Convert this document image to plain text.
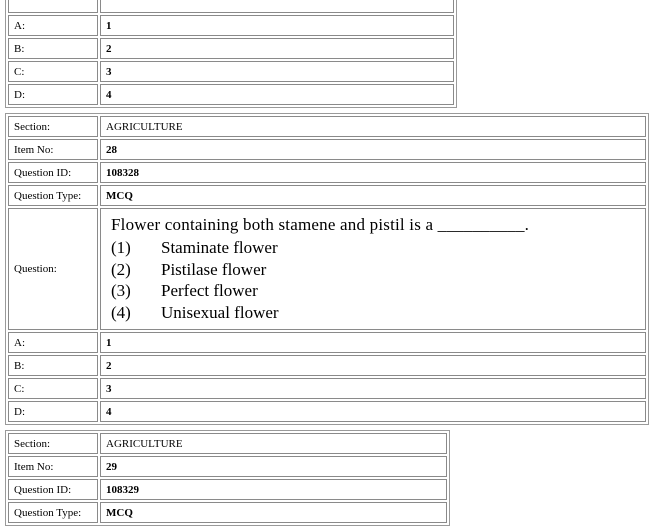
A:	1
B:	2
C:	3
D:	4
Section:	AGRICULTURE
Item No:	28
Question ID:	108328
Question Type:	MCQ
Question:	Flower containing both stamene and pistil is a __________.
(1) Staminate flower
(2) Pistilase flower
(3) Perfect flower
(4) Unisexual flower

A:	1
B:	2
C:	3
D:	4
Section:	AGRICULTURE
Item No:	29
Question ID:	108329
Question Type:	MCQ
